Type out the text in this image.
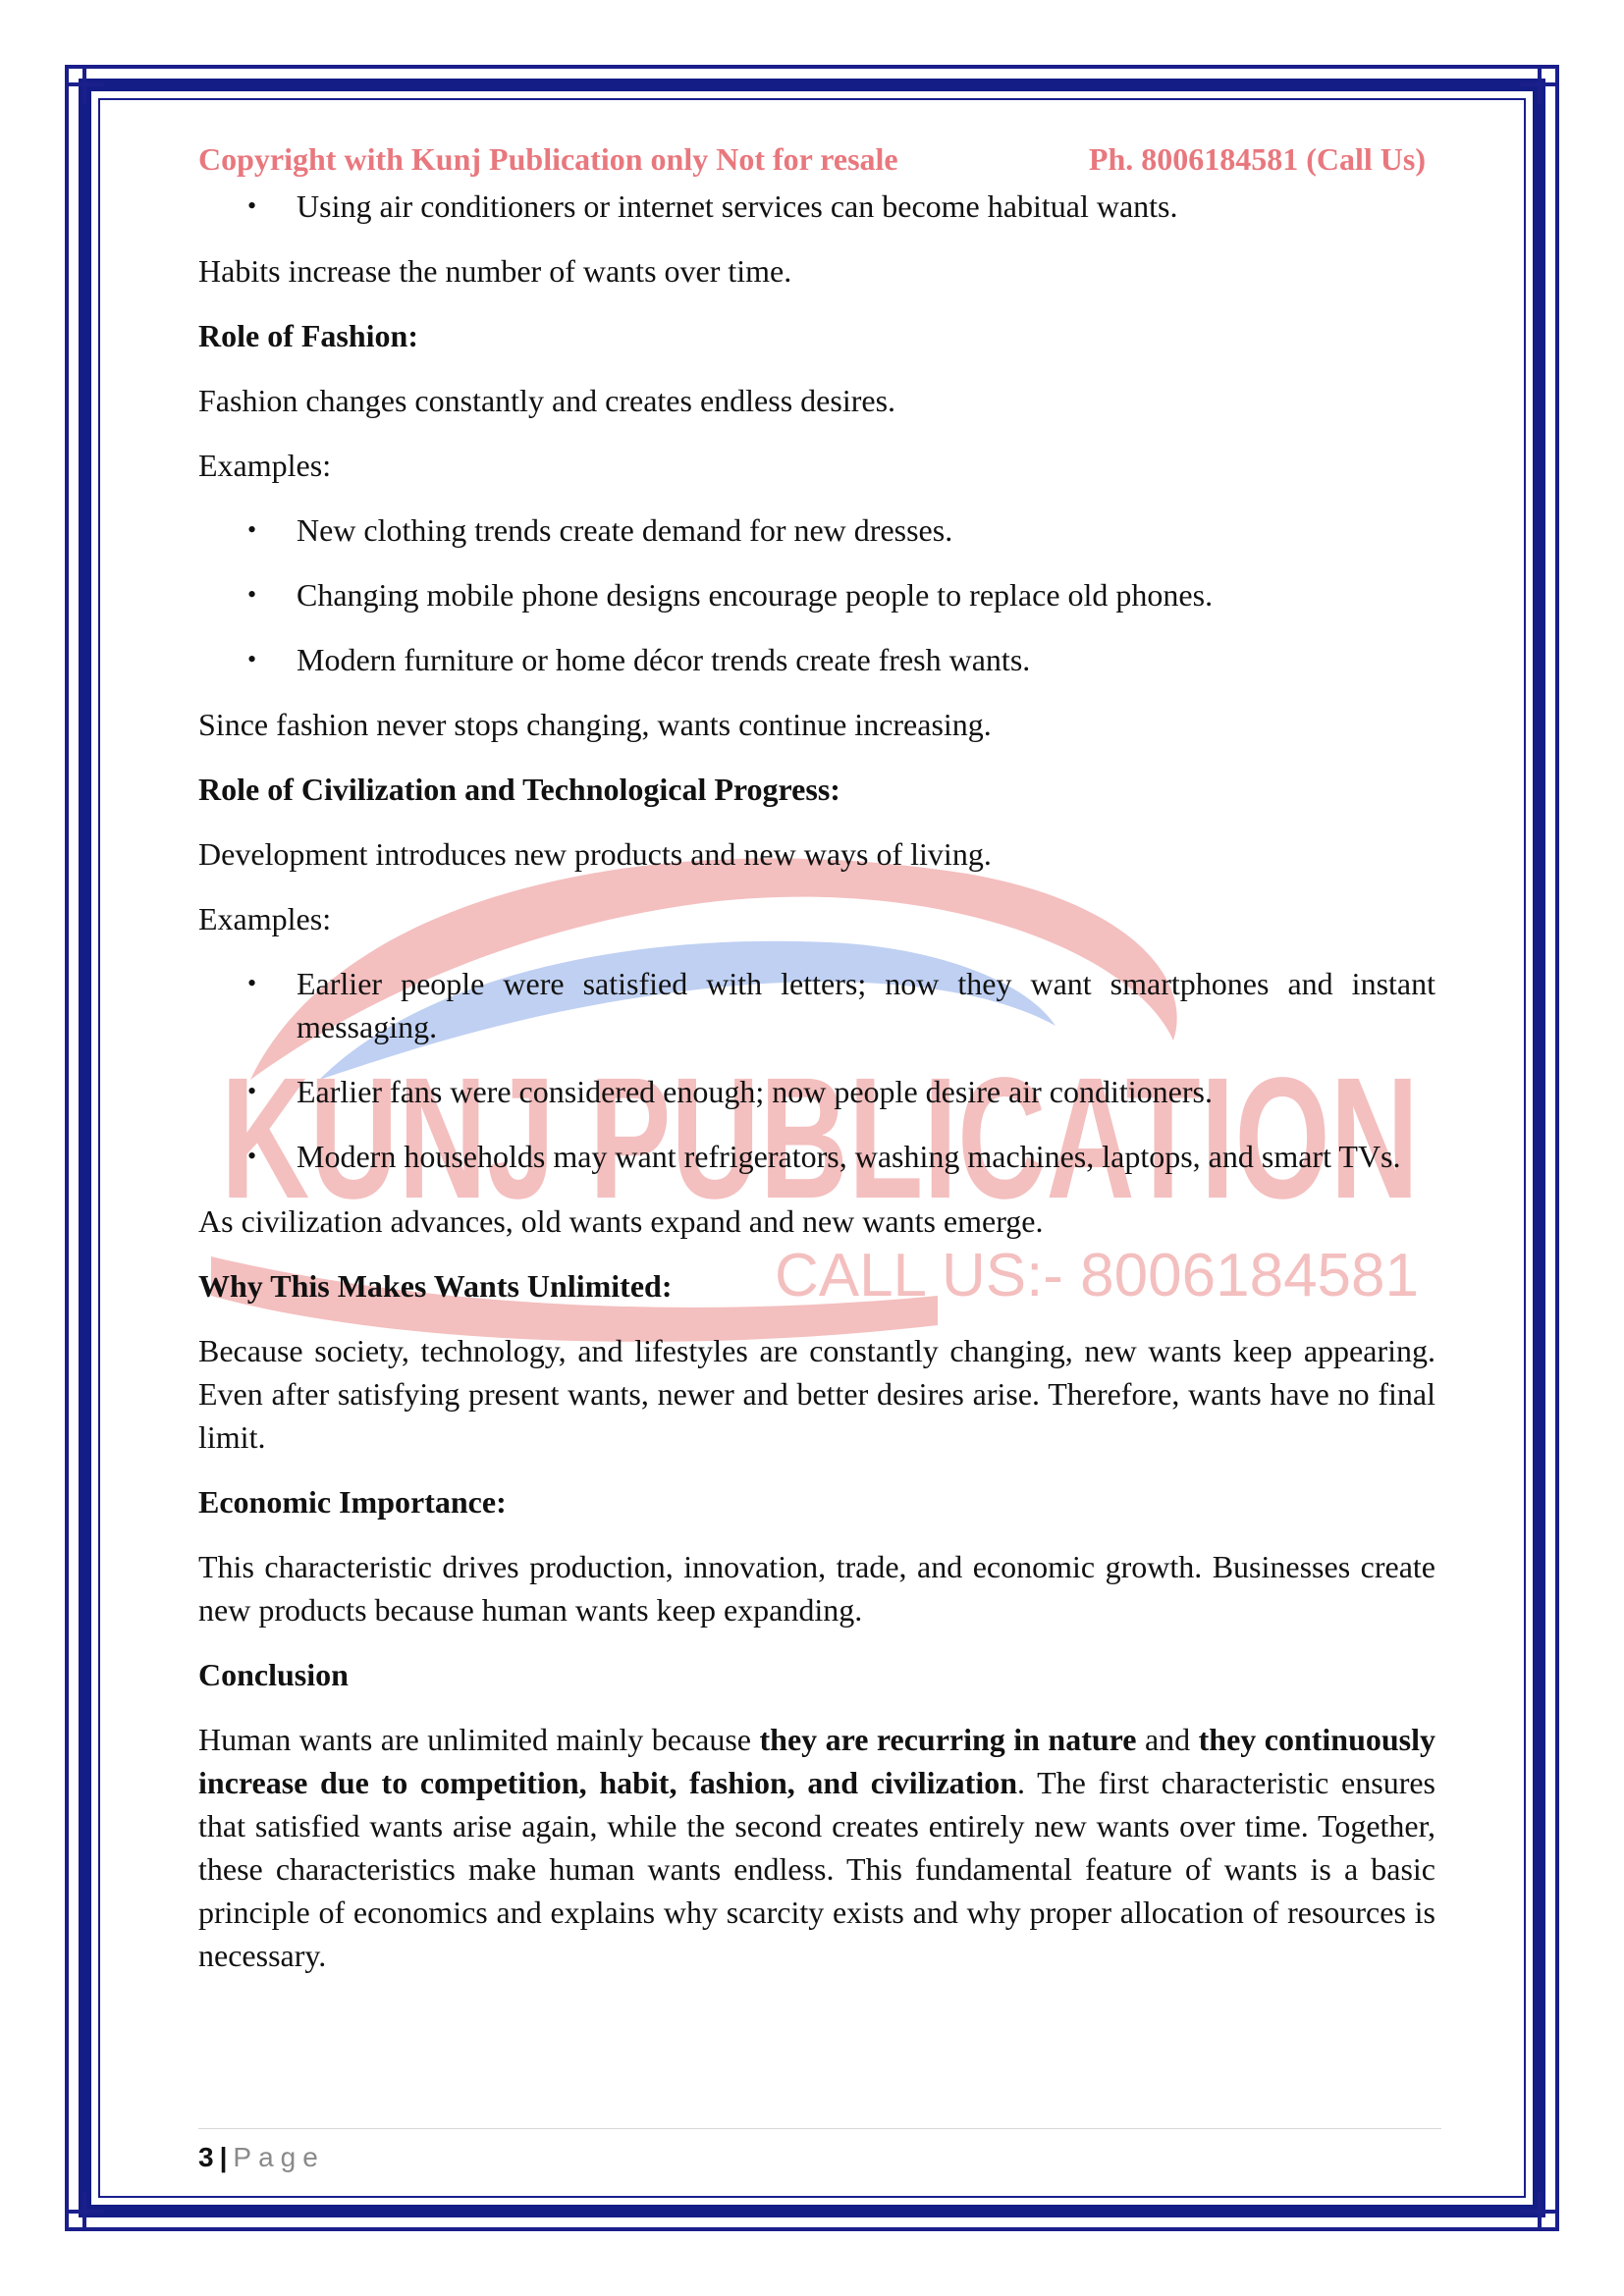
KUNJ PUBLICATION
CALL US:- 8006184581
Copyright with Kunj Publication only Not for resale	Ph. 8006184581 (Call Us)
• Using air conditioners or internet services can become habitual wants.

Habits increase the number of wants over time.

Role of Fashion:

Fashion changes constantly and creates endless desires.

Examples:

• New clothing trends create demand for new dresses.
• Changing mobile phone designs encourage people to replace old phones.
• Modern furniture or home décor trends create fresh wants.

Since fashion never stops changing, wants continue increasing.

Role of Civilization and Technological Progress:

Development introduces new products and new ways of living.

Examples:

• Earlier people were satisfied with letters; now they want smartphones and instant messaging.
• Earlier fans were considered enough; now people desire air conditioners.
• Modern households may want refrigerators, washing machines, laptops, and smart TVs.

As civilization advances, old wants expand and new wants emerge.

Why This Makes Wants Unlimited:

Because society, technology, and lifestyles are constantly changing, new wants keep appearing. Even after satisfying present wants, newer and better desires arise. Therefore, wants have no final limit.

Economic Importance:

This characteristic drives production, innovation, trade, and economic growth. Businesses create new products because human wants keep expanding.

Conclusion

Human wants are unlimited mainly because they are recurring in nature and they continuously increase due to competition, habit, fashion, and civilization. The first characteristic ensures that satisfied wants arise again, while the second creates entirely new wants over time. Together, these characteristics make human wants endless. This fundamental feature of wants is a basic principle of economics and explains why scarcity exists and why proper allocation of resources is necessary.

3 | Page
